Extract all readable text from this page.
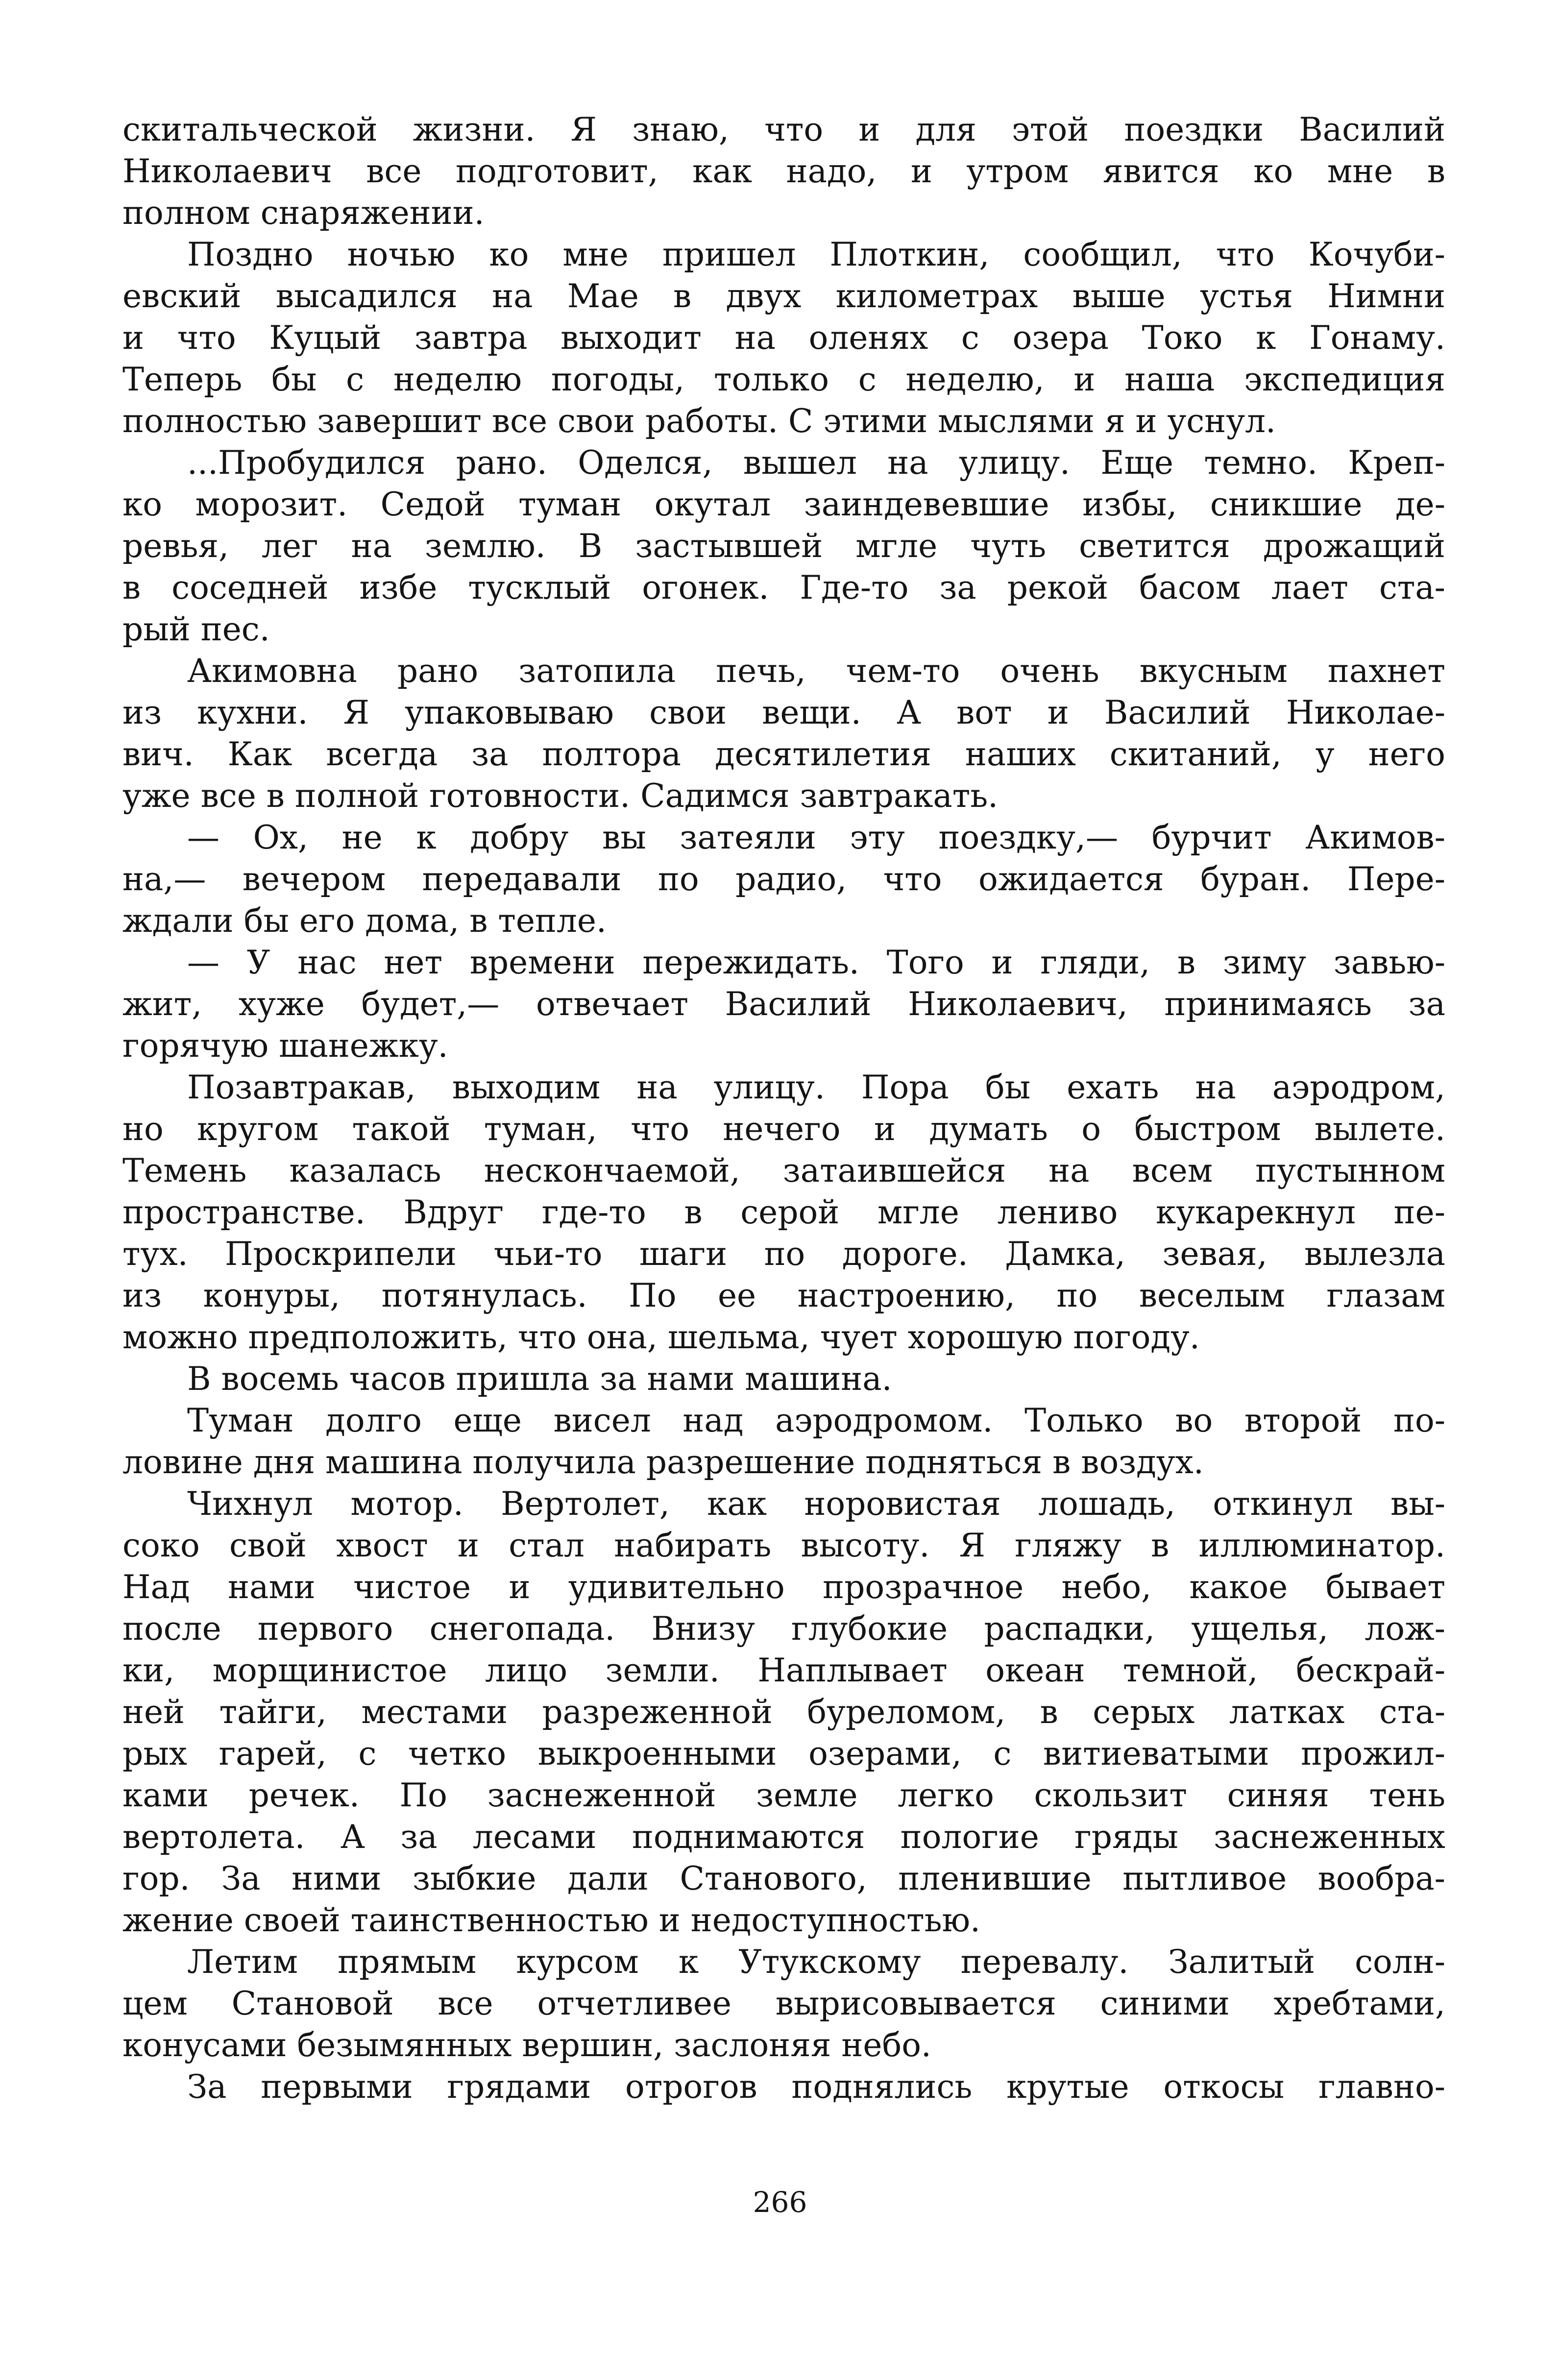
скитальческой жизни. Я знаю, что и для этой поездки Василий
Николаевич все подготовит, как надо, и утром явится ко мне в
полном снаряжении.
Поздно ночью ко мне пришел Плоткин, сообщил, что Кочуби-
евский высадился на Мае в двух километрах выше устья Нимни
и что Куцый завтра выходит на оленях с озера Токо к Гонаму.
Теперь бы с неделю погоды, только с неделю, и наша экспедиция
полностью завершит все свои работы. С этими мыслями я и уснул.
...Пробудился рано. Оделся, вышел на улицу. Еще темно. Креп-
ко морозит. Седой туман окутал заиндевевшие избы, сникшие де-
ревья, лег на землю. В застывшей мгле чуть светится дрожащий
в соседней избе тусклый огонек. Где-то за рекой басом лает ста-
рый пес.
Акимовна рано затопила печь, чем-то очень вкусным пахнет
из кухни. Я упаковываю свои вещи. А вот и Василий Николае-
вич. Как всегда за полтора десятилетия наших скитаний, у него
уже все в полной готовности. Садимся завтракать.
— Ох, не к добру вы затеяли эту поездку,— бурчит Акимов-
на,— вечером передавали по радио, что ожидается буран. Пере-
ждали бы его дома, в тепле.
— У нас нет времени пережидать. Того и гляди, в зиму завью-
жит, хуже будет,— отвечает Василий Николаевич, принимаясь за
горячую шанежку.
Позавтракав, выходим на улицу. Пора бы ехать на аэродром,
но кругом такой туман, что нечего и думать о быстром вылете.
Темень казалась нескончаемой, затаившейся на всем пустынном
пространстве. Вдруг где-то в серой мгле лениво кукарекнул пе-
тух. Проскрипели чьи-то шаги по дороге. Дамка, зевая, вылезла
из конуры, потянулась. По ее настроению, по веселым глазам
можно предположить, что она, шельма, чует хорошую погоду.
В восемь часов пришла за нами машина.
Туман долго еще висел над аэродромом. Только во второй по-
ловине дня машина получила разрешение подняться в воздух.
Чихнул мотор. Вертолет, как норовистая лошадь, откинул вы-
соко свой хвост и стал набирать высоту. Я гляжу в иллюминатор.
Над нами чистое и удивительно прозрачное небо, какое бывает
после первого снегопада. Внизу глубокие распадки, ущелья, лож-
ки, морщинистое лицо земли. Наплывает океан темной, бескрай-
ней тайги, местами разреженной буреломом, в серых латках ста-
рых гарей, с четко выкроенными озерами, с витиеватыми прожил-
ками речек. По заснеженной земле легко скользит синяя тень
вертолета. А за лесами поднимаются пологие гряды заснеженных
гор. За ними зыбкие дали Станового, пленившие пытливое вообра-
жение своей таинственностью и недоступностью.
Летим прямым курсом к Утукскому перевалу. Залитый солн-
цем Становой все отчетливее вырисовывается синими хребтами,
конусами безымянных вершин, заслоняя небо.
За первыми грядами отрогов поднялись крутые откосы главно-
266
